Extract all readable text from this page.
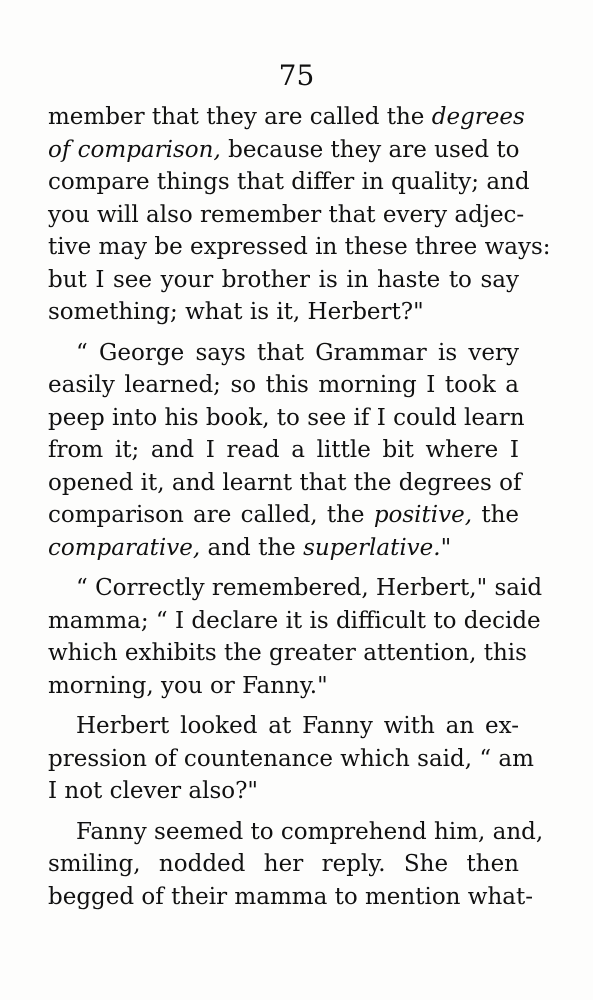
75
member that they are called the degrees
of comparison, because they are used to
compare things that differ in quality; and
you will also remember that every adjec-
tive may be expressed in these three ways:
but I see your brother is in haste to say
something; what is it, Herbert?"
“ George says that Grammar is very
easily learned; so this morning I took a
peep into his book, to see if I could learn
from it; and I read a little bit where I
opened it, and learnt that the degrees of
comparison are called, the positive, the
comparative, and the superlative."
“ Correctly remembered, Herbert," said
mamma; “ I declare it is difficult to decide
which exhibits the greater attention, this
morning, you or Fanny."
Herbert looked at Fanny with an ex-
pression of countenance which said, “ am
I not clever also?"
Fanny seemed to comprehend him, and,
smiling, nodded her reply. She then
begged of their mamma to mention what-
